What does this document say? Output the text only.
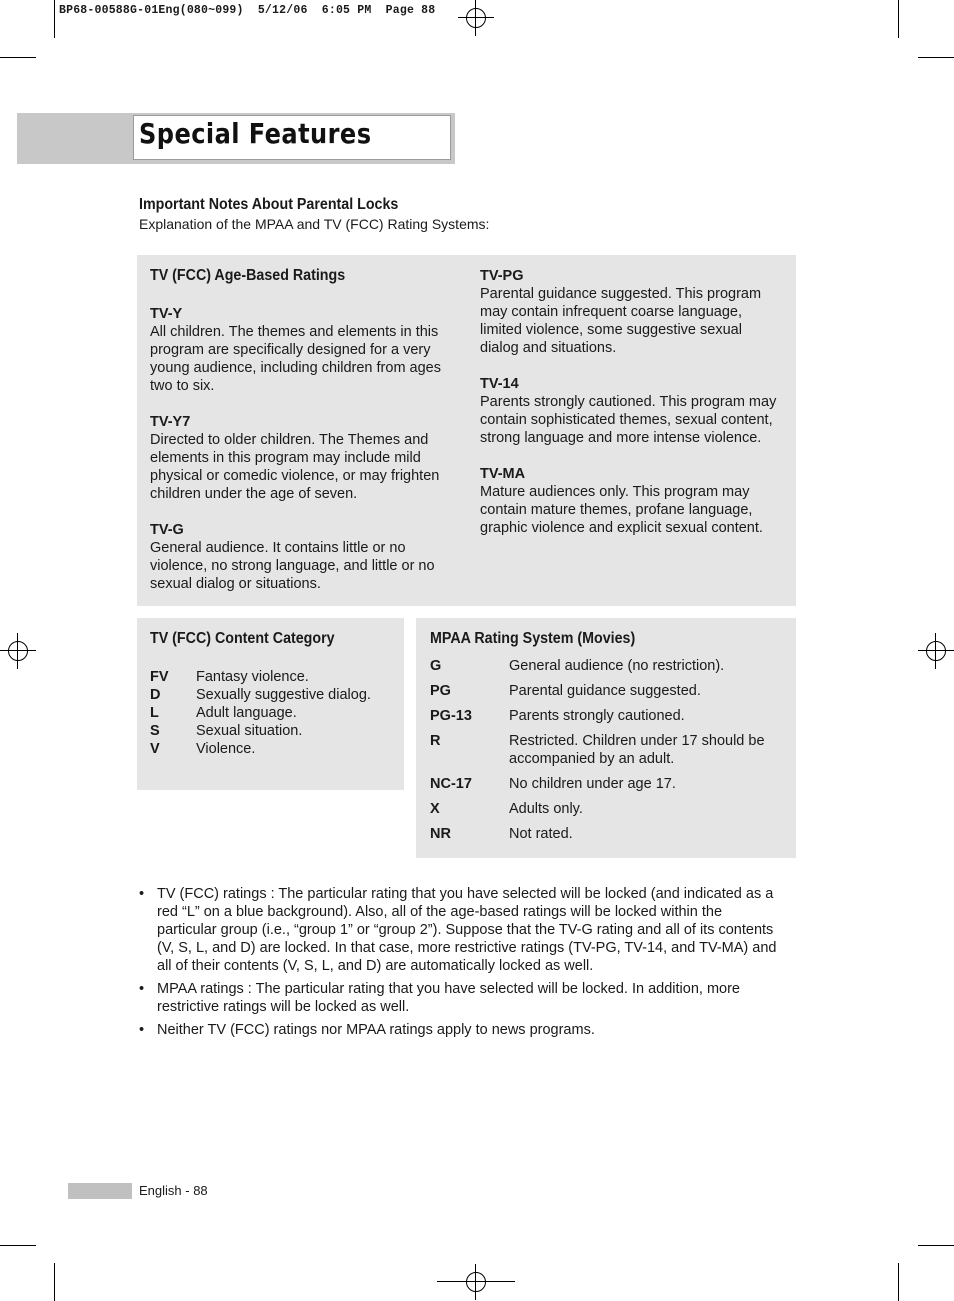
BP68-00588G-01Eng(080~099)  5/12/06  6:05 PM  Page 88
Special Features
Important Notes About Parental Locks
Explanation of the MPAA and TV (FCC) Rating Systems:
TV (FCC) Age-Based Ratings
TV-Y
All children. The themes and elements in this program are specifically designed for a very young audience, including children from ages two to six.
TV-Y7
Directed to older children. The Themes and elements in this program may include mild physical or comedic violence, or may frighten children under the age of seven.
TV-G
General audience. It contains little or no violence, no strong language, and little or no sexual dialog or situations.
TV-PG
Parental guidance suggested. This program may contain infrequent coarse language, limited violence, some suggestive sexual dialog and situations.
TV-14
Parents strongly cautioned. This program may contain sophisticated themes, sexual content, strong language and more intense violence.
TV-MA
Mature audiences only. This program may contain mature themes, profane language, graphic violence and explicit sexual content.
TV (FCC) Content Category
FV	Fantasy violence.
D	Sexually suggestive dialog.
L	Adult language.
S	Sexual situation.
V	Violence.
MPAA Rating System (Movies)
G	General audience (no restriction).
PG	Parental guidance suggested.
PG-13	Parents strongly cautioned.
R	Restricted. Children under 17 should be accompanied by an adult.
NC-17	No children under age 17.
X	Adults only.
NR	Not rated.
• TV (FCC) ratings : The particular rating that you have selected will be locked (and indicated as a red “L” on a blue background). Also, all of the age-based ratings will be locked within the particular group (i.e., “group 1” or “group 2”). Suppose that the TV-G rating and all of its contents (V, S, L, and D) are locked. In that case, more restrictive ratings (TV-PG, TV-14, and TV-MA) and all of their contents (V, S, L, and D) are automatically locked as well.
• MPAA ratings : The particular rating that you have selected will be locked. In addition, more restrictive ratings will be locked as well.
• Neither TV (FCC) ratings nor MPAA ratings apply to news programs.
English - 88
